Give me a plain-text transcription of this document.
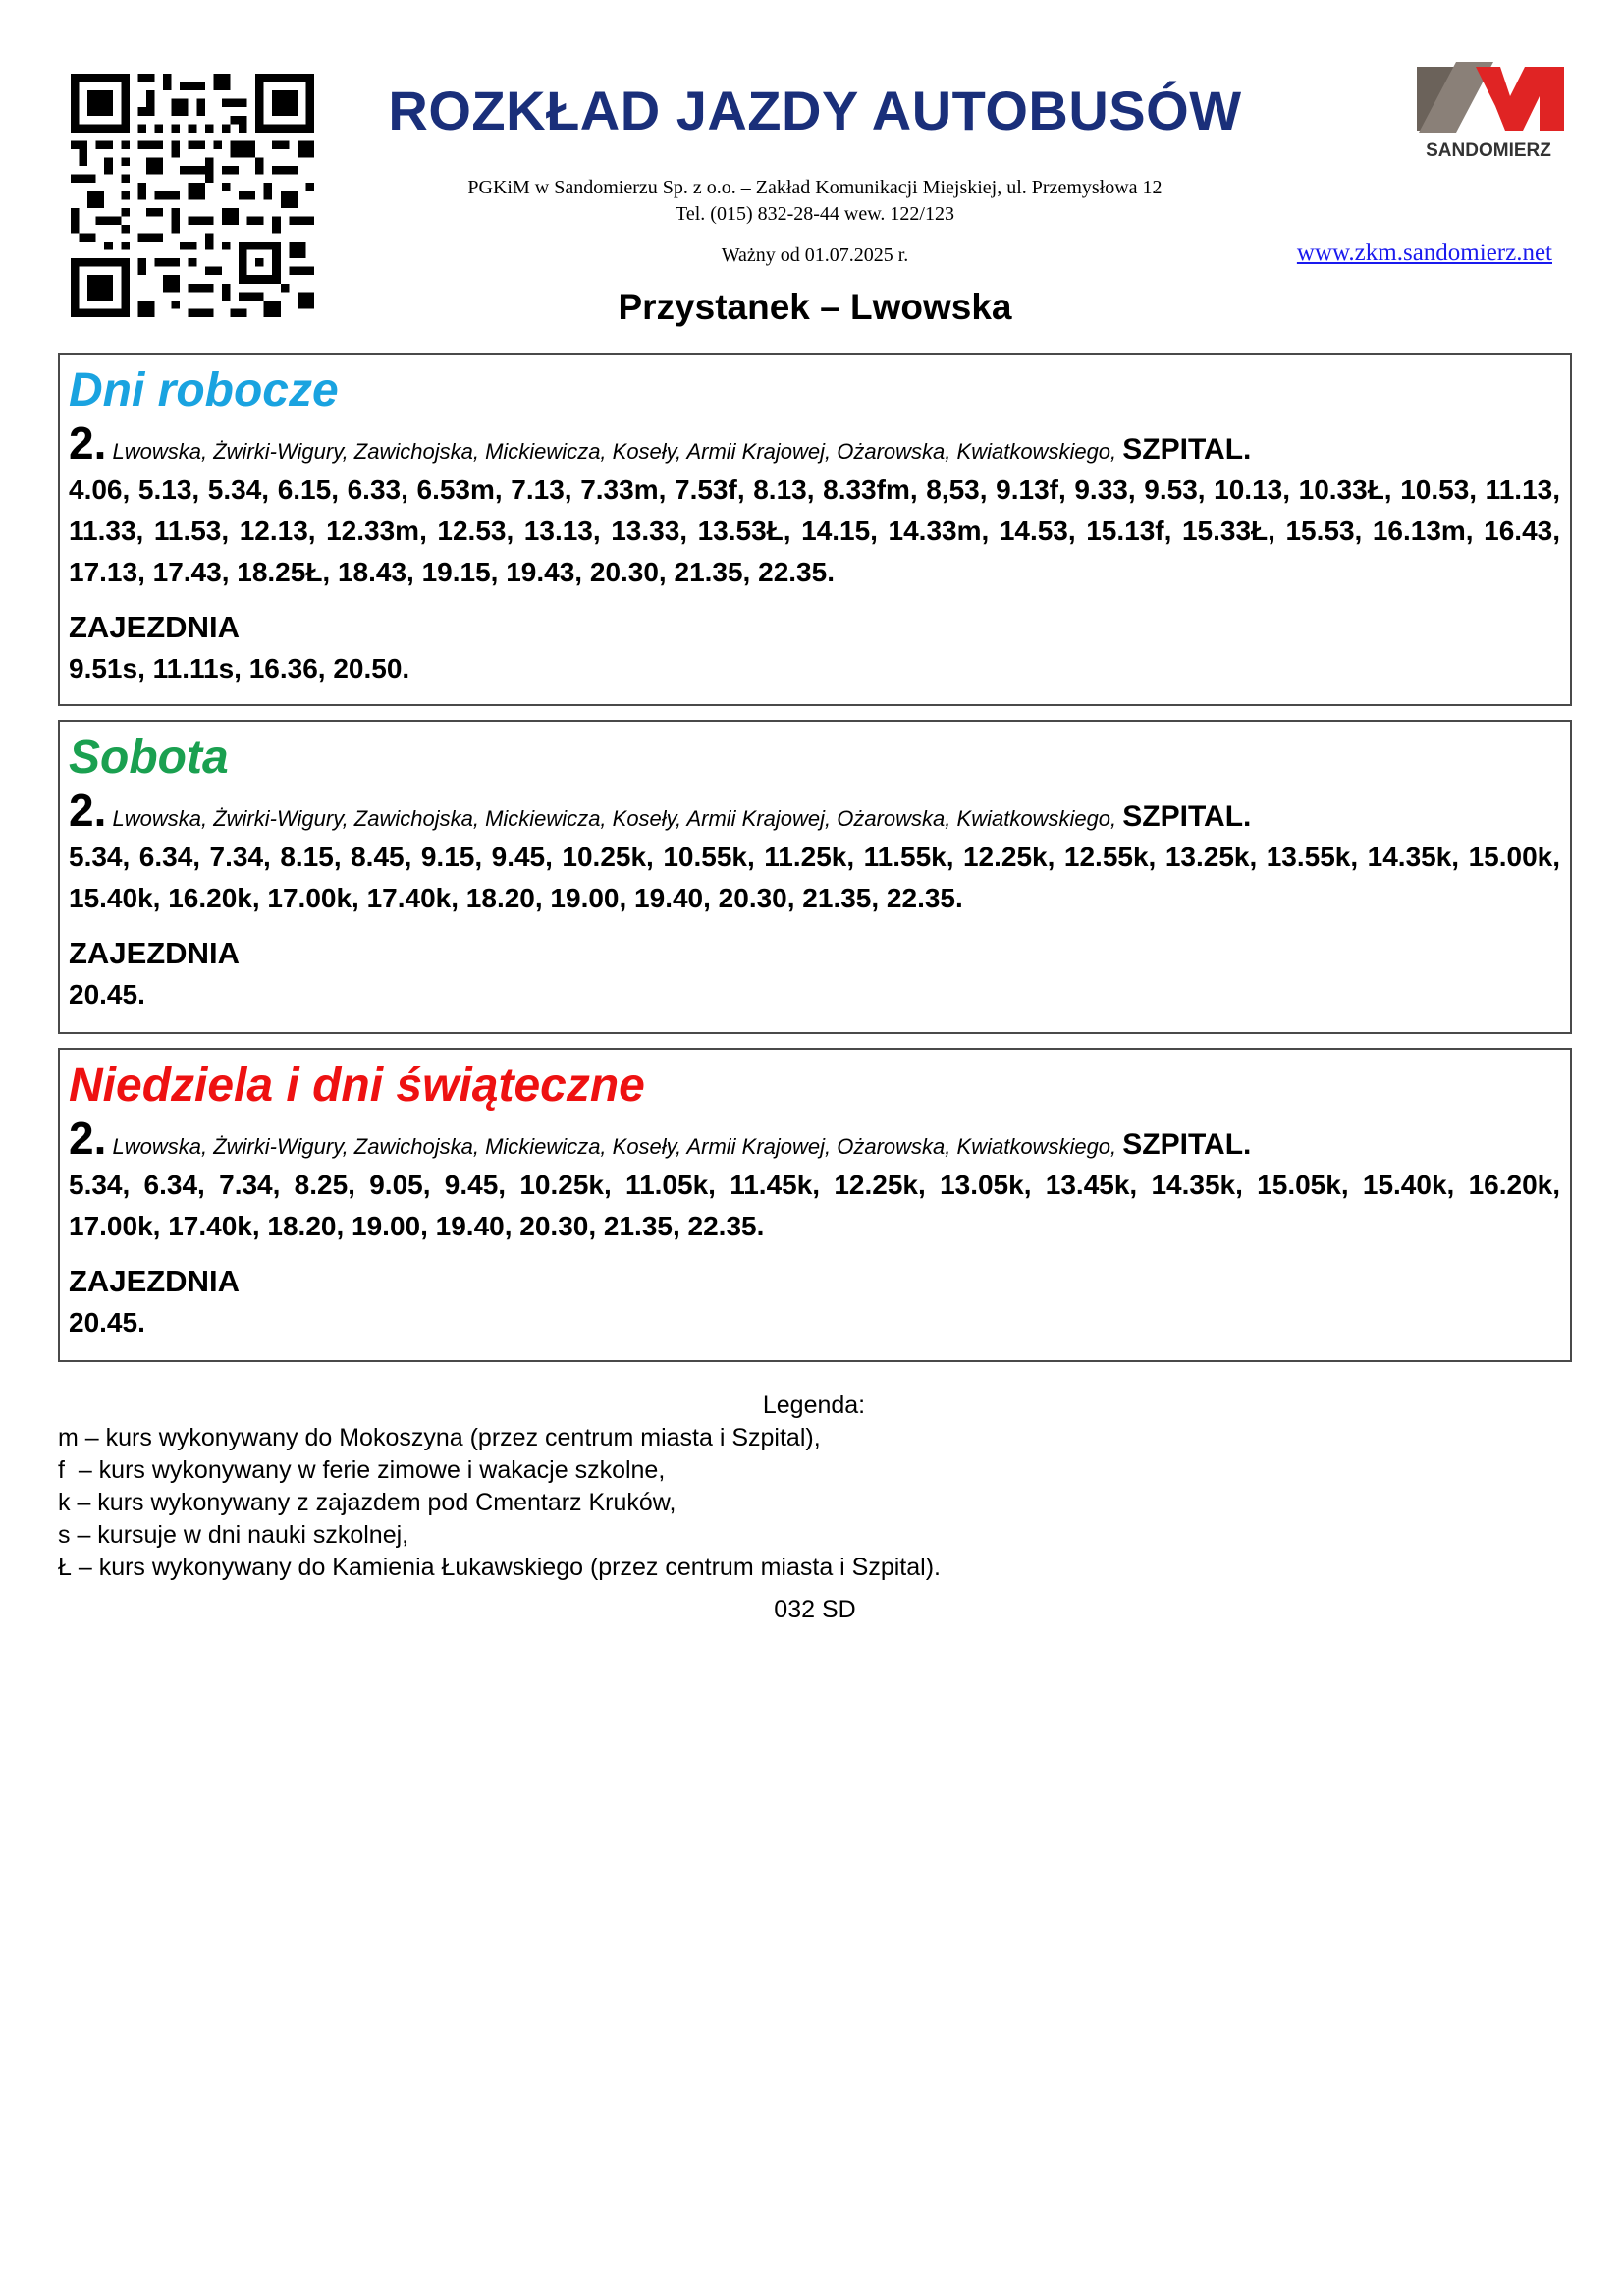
ROZKŁAD JAZDY AUTOBUSÓW
PGKiM w Sandomierzu Sp. z o.o. – Zakład Komunikacji Miejskiej, ul. Przemysłowa 12
Tel. (015) 832-28-44 wew. 122/123
Ważny od 01.07.2025 r.	www.zkm.sandomierz.net
SANDOMIERZ
Przystanek – Lwowska
Dni robocze
2. Lwowska, Żwirki-Wigury, Zawichojska, Mickiewicza, Koseły, Armii Krajowej, Ożarowska, Kwiatkowskiego, SZPITAL.
4.06, 5.13, 5.34, 6.15, 6.33, 6.53m, 7.13, 7.33m, 7.53f, 8.13, 8.33fm, 8,53, 9.13f, 9.33, 9.53, 10.13, 10.33Ł, 10.53, 11.13, 11.33, 11.53, 12.13, 12.33m, 12.53, 13.13, 13.33, 13.53Ł, 14.15, 14.33m, 14.53, 15.13f, 15.33Ł, 15.53, 16.13m, 16.43, 17.13, 17.43, 18.25Ł, 18.43, 19.15, 19.43, 20.30, 21.35, 22.35.
ZAJEZDNIA
9.51s, 11.11s, 16.36, 20.50.
Sobota
2. Lwowska, Żwirki-Wigury, Zawichojska, Mickiewicza, Koseły, Armii Krajowej, Ożarowska, Kwiatkowskiego, SZPITAL.
5.34, 6.34, 7.34, 8.15, 8.45, 9.15, 9.45, 10.25k, 10.55k, 11.25k, 11.55k, 12.25k, 12.55k, 13.25k, 13.55k, 14.35k, 15.00k, 15.40k, 16.20k, 17.00k, 17.40k, 18.20, 19.00, 19.40, 20.30, 21.35, 22.35.
ZAJEZDNIA
20.45.
Niedziela i dni świąteczne
2. Lwowska, Żwirki-Wigury, Zawichojska, Mickiewicza, Koseły, Armii Krajowej, Ożarowska, Kwiatkowskiego, SZPITAL.
5.34, 6.34, 7.34, 8.25, 9.05, 9.45, 10.25k, 11.05k, 11.45k, 12.25k, 13.05k, 13.45k, 14.35k, 15.05k, 15.40k, 16.20k, 17.00k, 17.40k, 18.20, 19.00, 19.40, 20.30, 21.35, 22.35.
ZAJEZDNIA
20.45.
Legenda:
m – kurs wykonywany do Mokoszyna (przez centrum miasta i Szpital),
f  – kurs wykonywany w ferie zimowe i wakacje szkolne,
k – kurs wykonywany z zajazdem pod Cmentarz Kruków,
s – kursuje w dni nauki szkolnej,
Ł – kurs wykonywany do Kamienia Łukawskiego (przez centrum miasta i Szpital).
032 SD
